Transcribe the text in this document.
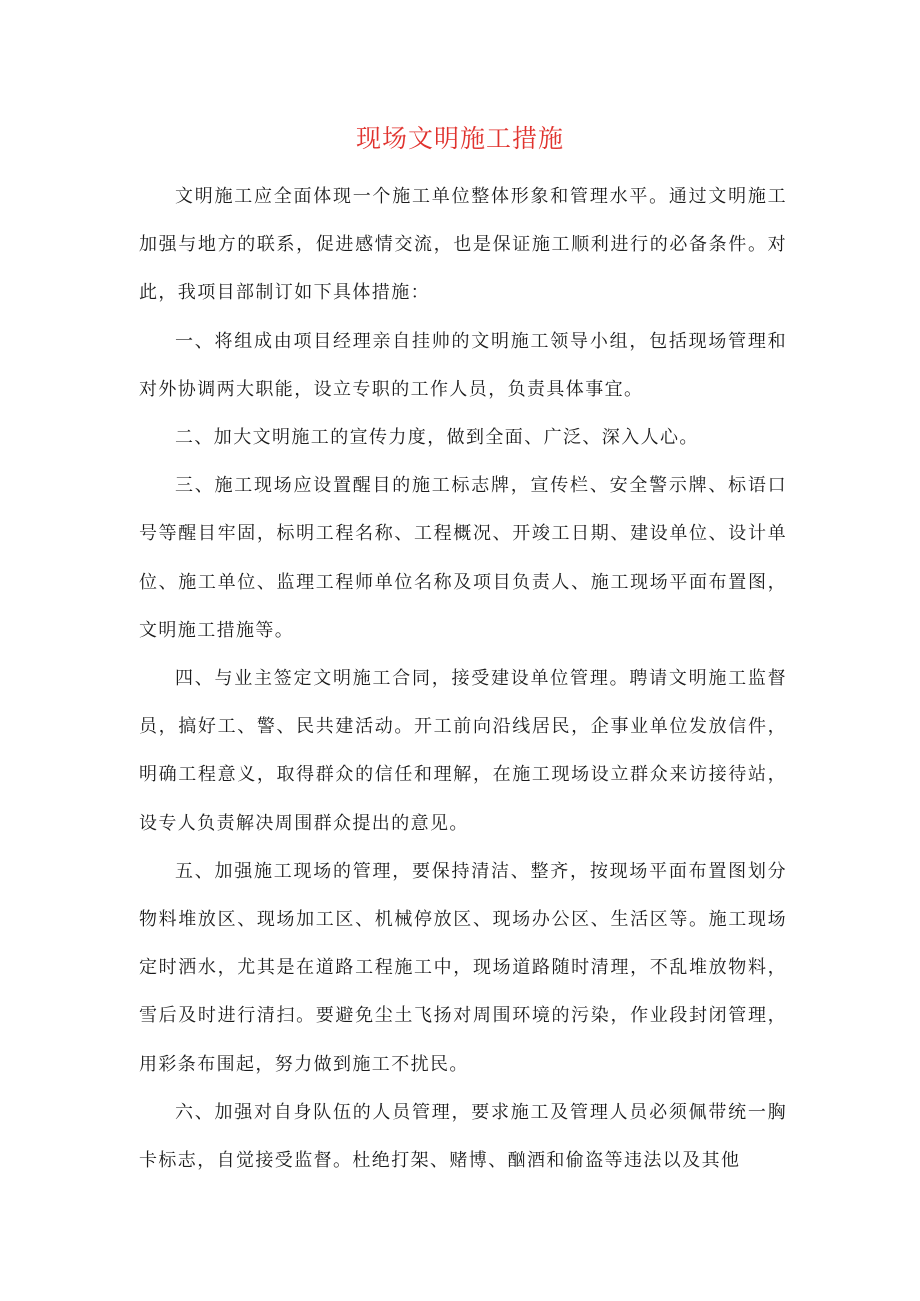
现场文明施工措施

文明施工应全面体现一个施工单位整体形象和管理水平。通过文明施工加强与地方的联系，促进感情交流，也是保证施工顺利进行的必备条件。对此，我项目部制订如下具体措施：

一、将组成由项目经理亲自挂帅的文明施工领导小组，包括现场管理和对外协调两大职能，设立专职的工作人员，负责具体事宜。

二、加大文明施工的宣传力度，做到全面、广泛、深入人心。

三、施工现场应设置醒目的施工标志牌，宣传栏、安全警示牌、标语口号等醒目牢固，标明工程名称、工程概况、开竣工日期、建设单位、设计单位、施工单位、监理工程师单位名称及项目负责人、施工现场平面布置图，文明施工措施等。

四、与业主签定文明施工合同，接受建设单位管理。聘请文明施工监督员，搞好工、警、民共建活动。开工前向沿线居民，企事业单位发放信件，明确工程意义，取得群众的信任和理解，在施工现场设立群众来访接待站，设专人负责解决周围群众提出的意见。

五、加强施工现场的管理，要保持清洁、整齐，按现场平面布置图划分物料堆放区、现场加工区、机械停放区、现场办公区、生活区等。施工现场定时洒水，尤其是在道路工程施工中，现场道路随时清理，不乱堆放物料，雪后及时进行清扫。要避免尘土飞扬对周围环境的污染，作业段封闭管理，用彩条布围起，努力做到施工不扰民。

六、加强对自身队伍的人员管理，要求施工及管理人员必须佩带统一胸卡标志，自觉接受监督。杜绝打架、赌博、酗酒和偷盗等违法以及其他
